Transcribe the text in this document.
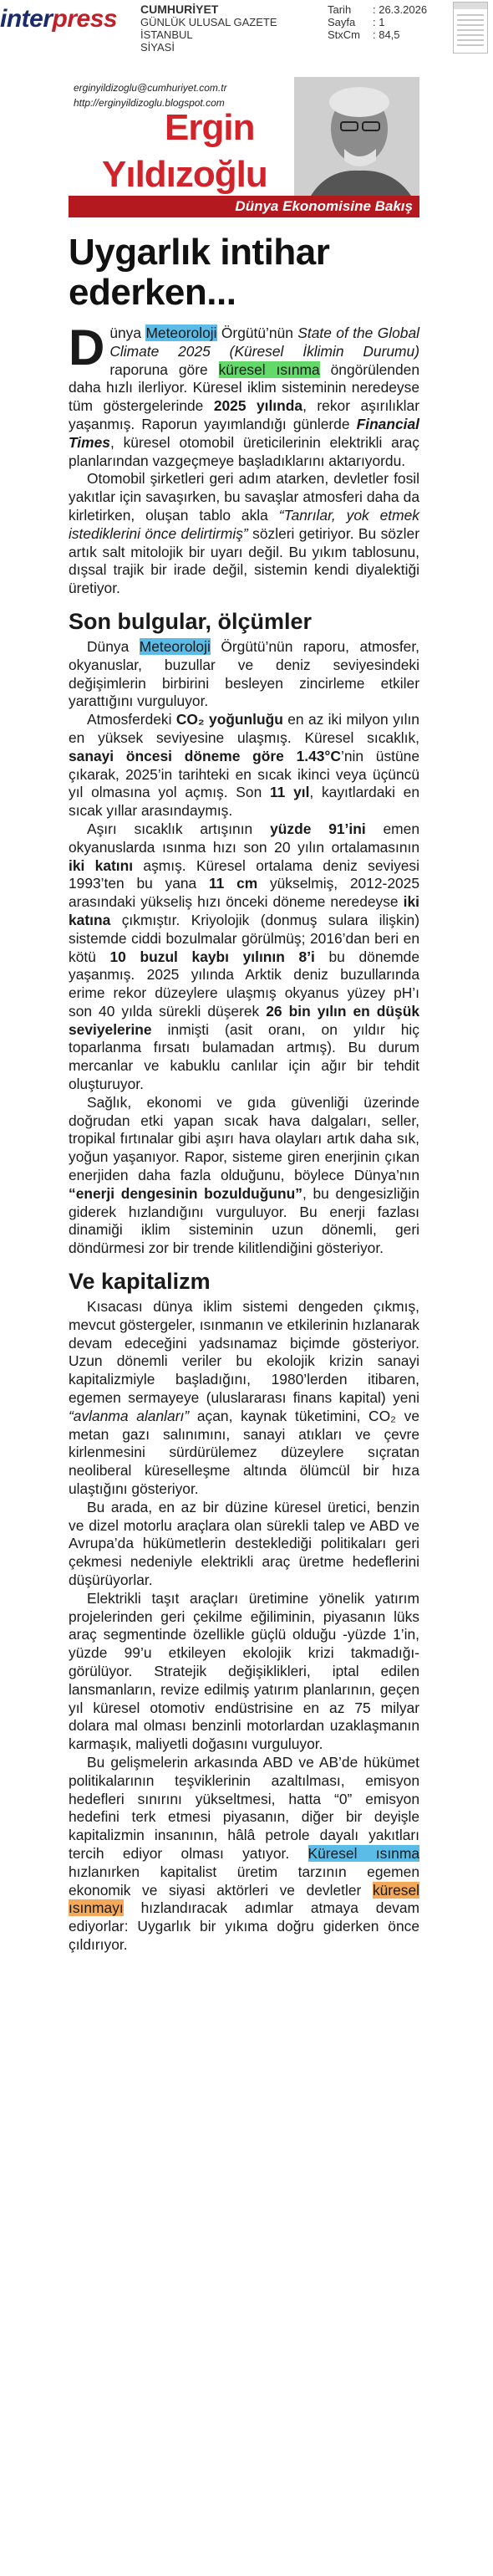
interpress CUMHURİYET
GÜNLÜK ULUSAL GAZETE
İSTANBUL
SİYASİ
Tarih	: 26.3.2026
Sayfa	: 1
StxCm	: 84,5
erginyildizoglu@cumhuriyet.com.tr
http://erginyildizoglu.blogspot.com
Ergin
Yıldızoğlu
Dünya Ekonomisine Bakış
Uygarlık intihar ederken...

Dünya Meteoroloji Örgütü’nün State of the Global Climate 2025 (Küresel İklimin Durumu) raporuna göre küresel ısınma öngörülenden daha hızlı ilerliyor. Küresel iklim sisteminin neredeyse tüm göstergelerinde 2025 yılında, rekor aşırılıklar yaşanmış. Raporun yayımlandığı günlerde Financial Times, küresel otomobil üreticilerinin elektrikli araç planlarından vazgeçmeye başladıklarını aktarıyordu.

Otomobil şirketleri geri adım atarken, devletler fosil yakıtlar için savaşırken, bu savaşlar atmosferi daha da kirletirken, oluşan tablo akla “Tanrılar, yok etmek istediklerini önce delirtirmiş” sözleri getiriyor. Bu sözler artık salt mitolojik bir uyarı değil. Bu yıkım tablosunu, dışsal trajik bir irade değil, sistemin kendi diyalektiği üretiyor.

Son bulgular, ölçümler

Dünya Meteoroloji Örgütü’nün raporu, atmosfer, okyanuslar, buzullar ve deniz seviyesindeki değişimlerin birbirini besleyen zincirleme etkiler yarattığını vurguluyor.

Atmosferdeki CO₂ yoğunluğu en az iki milyon yılın en yüksek seviyesine ulaşmış. Küresel sıcaklık, sanayi öncesi döneme göre 1.43°C’nin üstüne çıkarak, 2025’in tarihteki en sıcak ikinci veya üçüncü yıl olmasına yol açmış. Son 11 yıl, kayıtlardaki en sıcak yıllar arasındaymış.

Aşırı sıcaklık artışının yüzde 91’ini emen okyanuslarda ısınma hızı son 20 yılın ortalamasının iki katını aşmış. Küresel ortalama deniz seviyesi 1993’ten bu yana 11 cm yükselmiş, 2012-2025 arasındaki yükseliş hızı önceki döneme neredeyse iki katına çıkmıştır. Kriyolojik (donmuş sulara ilişkin) sistemde ciddi bozulmalar görülmüş; 2016’dan beri en kötü 10 buzul kaybı yılının 8’i bu dönemde yaşanmış. 2025 yılında Arktik deniz buzullarında erime rekor düzeylere ulaşmış okyanus yüzey pH’ı son 40 yılda sürekli düşerek 26 bin yılın en düşük seviyelerine inmişti (asit oranı, on yıldır hiç toparlanma fırsatı bulamadan artmış). Bu durum mercanlar ve kabuklu canlılar için ağır bir tehdit oluşturuyor.

Sağlık, ekonomi ve gıda güvenliği üzerinde doğrudan etki yapan sıcak hava dalgaları, seller, tropikal fırtınalar gibi aşırı hava olayları artık daha sık, yoğun yaşanıyor. Rapor, sisteme giren enerjinin çıkan enerjiden daha fazla olduğunu, böylece Dünya’nın “enerji dengesinin bozulduğunu”, bu dengesizliğin giderek hızlandığını vurguluyor. Bu enerji fazlası dinamiği iklim sisteminin uzun dönemli, geri döndürmesi zor bir trende kilitlendiğini gösteriyor.

Ve kapitalizm

Kısacası dünya iklim sistemi dengeden çıkmış, mevcut göstergeler, ısınmanın ve etkilerinin hızlanarak devam edeceğini yadsınamaz biçimde gösteriyor. Uzun dönemli veriler bu ekolojik krizin sanayi kapitalizmiyle başladığını, 1980’lerden itibaren, egemen sermayeye (uluslararası finans kapital) yeni “avlanma alanları” açan, kaynak tüketimini, CO₂ ve metan gazı salınımını, sanayi atıkları ve çevre kirlenmesini sürdürülemez düzeylere sıçratan neoliberal küreselleşme altında ölümcül bir hıza ulaştığını gösteriyor.

Bu arada, en az bir düzine küresel üretici, benzin ve dizel motorlu araçlara olan sürekli talep ve ABD ve Avrupa’da hükümetlerin desteklediği politikaları geri çekmesi nedeniyle elektrikli araç üretme hedeflerini düşürüyorlar.

Elektrikli taşıt araçları üretimine yönelik yatırım projelerinden geri çekilme eğiliminin, piyasanın lüks araç segmentinde özellikle güçlü olduğu -yüzde 1’in, yüzde 99’u etkileyen ekolojik krizi takmadığı- görülüyor. Stratejik değişiklikleri, iptal edilen lansmanların, revize edilmiş yatırım planlarının, geçen yıl küresel otomotiv endüstrisine en az 75 milyar dolara mal olması benzinli motorlardan uzaklaşmanın karmaşık, maliyetli doğasını vurguluyor.

Bu gelişmelerin arkasında ABD ve AB’de hükümet politikalarının teşviklerinin azaltılması, emisyon hedefleri sınırını yükseltmesi, hatta “0” emisyon hedefini terk etmesi piyasanın, diğer bir deyişle kapitalizmin insanının, hâlâ petrole dayalı yakıtları tercih ediyor olması yatıyor. Küresel ısınma hızlanırken kapitalist üretim tarzının egemen ekonomik ve siyasi aktörleri ve devletler küresel ısınmayı hızlandıracak adımlar atmaya devam ediyorlar: Uygarlık bir yıkıma doğru giderken önce çıldırıyor.
